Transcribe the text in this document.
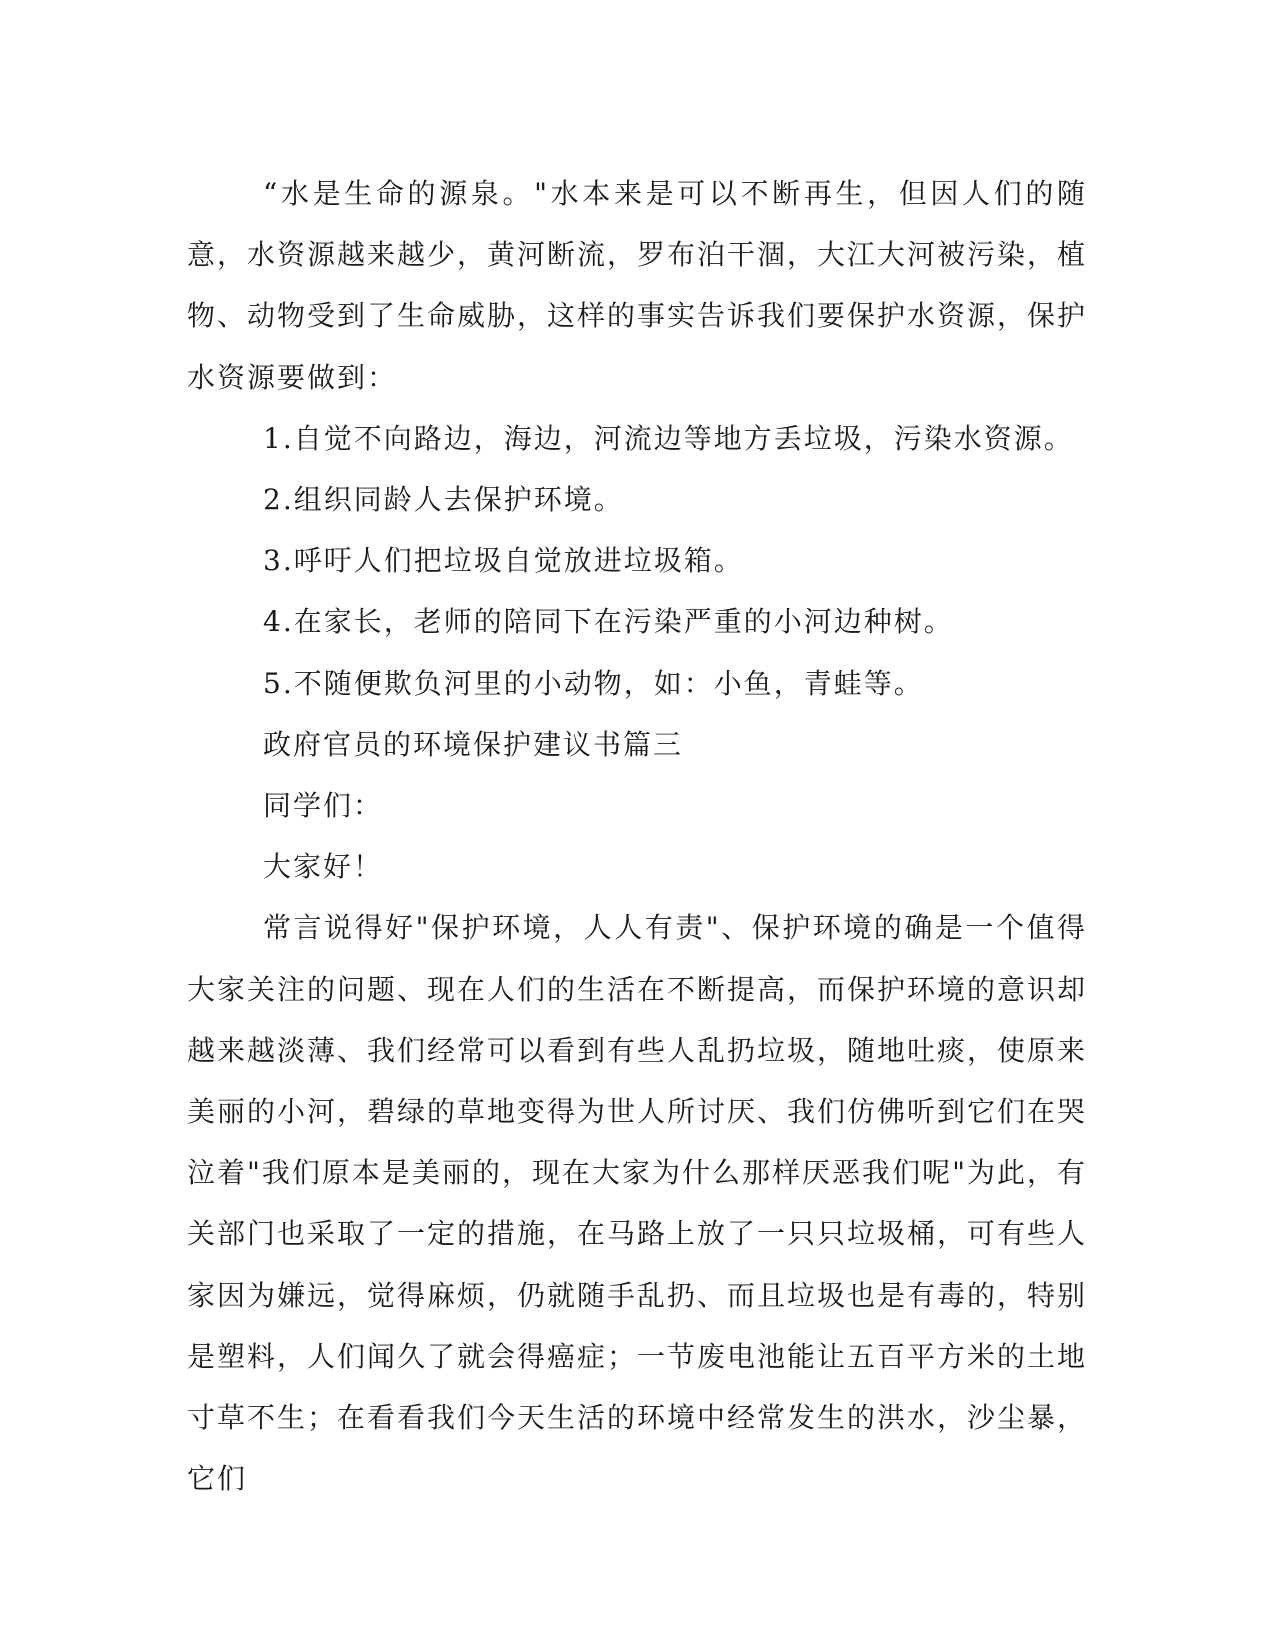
“水是生命的源泉。"水本来是可以不断再生，但因人们的随意，水资源越来越少，黄河断流，罗布泊干涸，大江大河被污染，植物、动物受到了生命威胁，这样的事实告诉我们要保护水资源，保护水资源要做到：

1.自觉不向路边，海边，河流边等地方丢垃圾，污染水资源。

2.组织同龄人去保护环境。

3.呼吁人们把垃圾自觉放进垃圾箱。

4.在家长，老师的陪同下在污染严重的小河边种树。

5.不随便欺负河里的小动物，如：小鱼，青蛙等。

政府官员的环境保护建议书篇三

同学们：

大家好！

常言说得好"保护环境，人人有责"、保护环境的确是一个值得大家关注的问题、现在人们的生活在不断提高，而保护环境的意识却越来越淡薄、我们经常可以看到有些人乱扔垃圾，随地吐痰，使原来美丽的小河，碧绿的草地变得为世人所讨厌、我们仿佛听到它们在哭泣着"我们原本是美丽的，现在大家为什么那样厌恶我们呢"为此，有关部门也采取了一定的措施，在马路上放了一只只垃圾桶，可有些人家因为嫌远，觉得麻烦，仍就随手乱扔、而且垃圾也是有毒的，特别是塑料，人们闻久了就会得癌症；一节废电池能让五百平方米的土地寸草不生；在看看我们今天生活的环境中经常发生的洪水，沙尘暴，它们
